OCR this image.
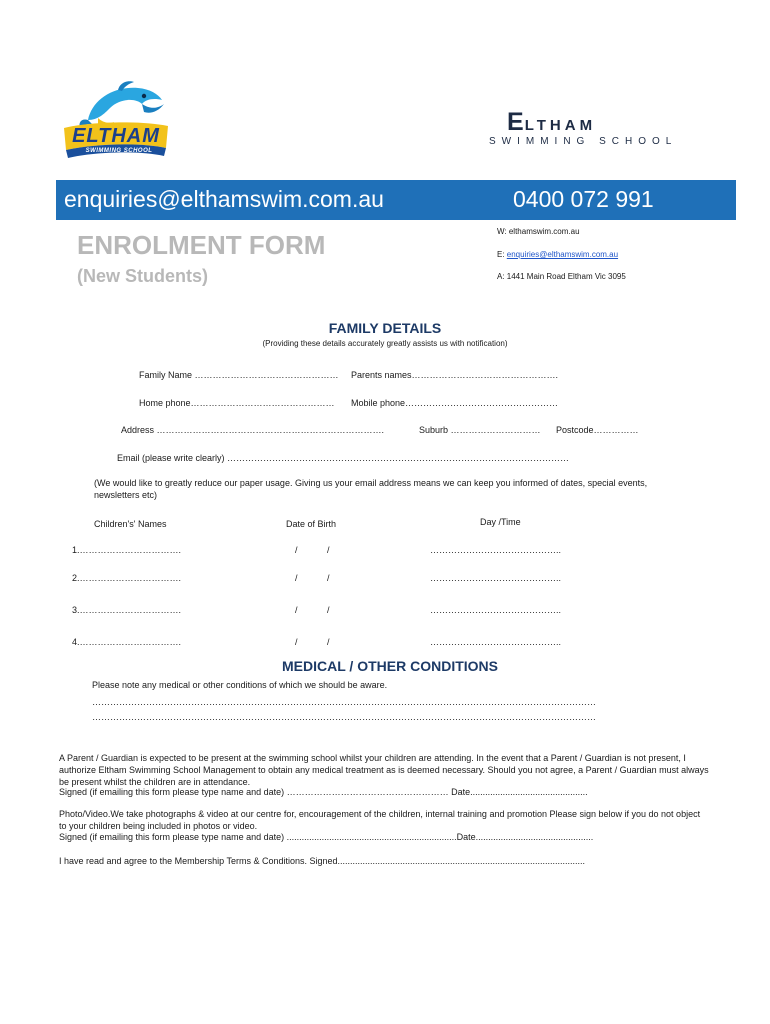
ELTHAM
SWIMMING SCHOOL
ELTHAM
SWIMMING SCHOOL
enquiries@elthamswim.com.au	0400 072 991
ENROLMENT FORM
(New Students)
W: elthamswim.com.au
E: enquiries@elthamswim.com.au
A: 1441 Main Road Eltham Vic 3095
FAMILY DETAILS
(Providing these details accurately greatly assists us with notification)
Family Name ………………………………………… Parents names………………………………………….
Home phone………………………………………… Mobile phone……………………………………………
Address ………………………………………………………………….	Suburb …………………………	Postcode……………
Email (please write clearly) ……………………………………………………………………………………………………
(We would like to greatly reduce our paper usage. Giving us your email address means we can keep you informed of dates, special events, newsletters etc)
Children's' Names	Date of Birth	Day /Time
1.…………………………….	/	/	……………………………………..
2.…………………………….	/	/	……………………………………..
3.…………………………….	/	/	……………………………………..
4.…………………………….	/	/	……………………………………..
MEDICAL / OTHER CONDITIONS
Please note any medical or other conditions of which we should be aware.
……………………………………………………………………………………………………………………………………………………
……………………………………………………………………………………………………………………………………………………
A Parent / Guardian is expected to be present at the swimming school whilst your children are attending. In the event that a Parent / Guardian is not present, I authorize Eltham Swimming School Management to obtain any medical treatment as is deemed necessary. Should you not agree, a Parent / Guardian must always be present whilst the children are in attendance.
Signed (if emailing this form please type name and date) ……………………………………………… Date...............................................
Photo/Video.We take photographs & video at our centre for, encouragement of the children, internal training and promotion Please sign below if you do not object to your children being included in photos or video.
Signed (if emailing this form please type name and date) ....................................................................Date...............................................
I have read and agree to the Membership Terms & Conditions. Signed...................................................................................................
